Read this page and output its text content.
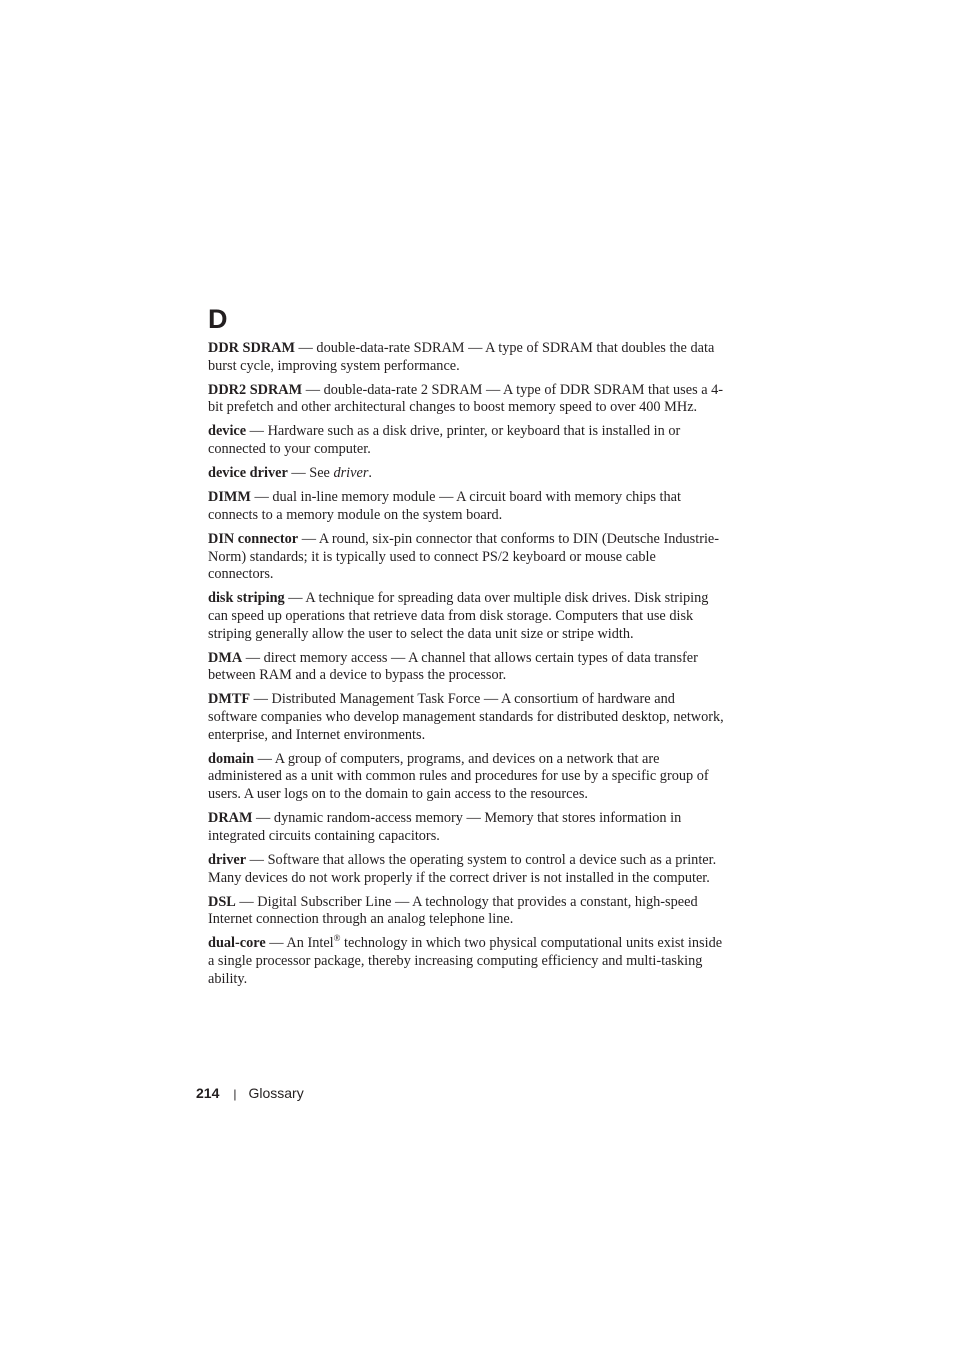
D

DDR SDRAM — double-data-rate SDRAM — A type of SDRAM that doubles the data burst cycle, improving system performance.

DDR2 SDRAM — double-data-rate 2 SDRAM — A type of DDR SDRAM that uses a 4-bit prefetch and other architectural changes to boost memory speed to over 400 MHz.

device — Hardware such as a disk drive, printer, or keyboard that is installed in or connected to your computer.

device driver — See driver.

DIMM — dual in-line memory module — A circuit board with memory chips that connects to a memory module on the system board.

DIN connector — A round, six-pin connector that conforms to DIN (Deutsche Industrie-Norm) standards; it is typically used to connect PS/2 keyboard or mouse cable connectors.

disk striping — A technique for spreading data over multiple disk drives. Disk striping can speed up operations that retrieve data from disk storage. Computers that use disk striping generally allow the user to select the data unit size or stripe width.

DMA — direct memory access — A channel that allows certain types of data transfer between RAM and a device to bypass the processor.

DMTF — Distributed Management Task Force — A consortium of hardware and software companies who develop management standards for distributed desktop, network, enterprise, and Internet environments.

domain — A group of computers, programs, and devices on a network that are administered as a unit with common rules and procedures for use by a specific group of users. A user logs on to the domain to gain access to the resources.

DRAM — dynamic random-access memory — Memory that stores information in integrated circuits containing capacitors.

driver — Software that allows the operating system to control a device such as a printer. Many devices do not work properly if the correct driver is not installed in the computer.

DSL — Digital Subscriber Line — A technology that provides a constant, high-speed Internet connection through an analog telephone line.

dual-core — An Intel® technology in which two physical computational units exist inside a single processor package, thereby increasing computing efficiency and multi-tasking ability.

214 | Glossary
